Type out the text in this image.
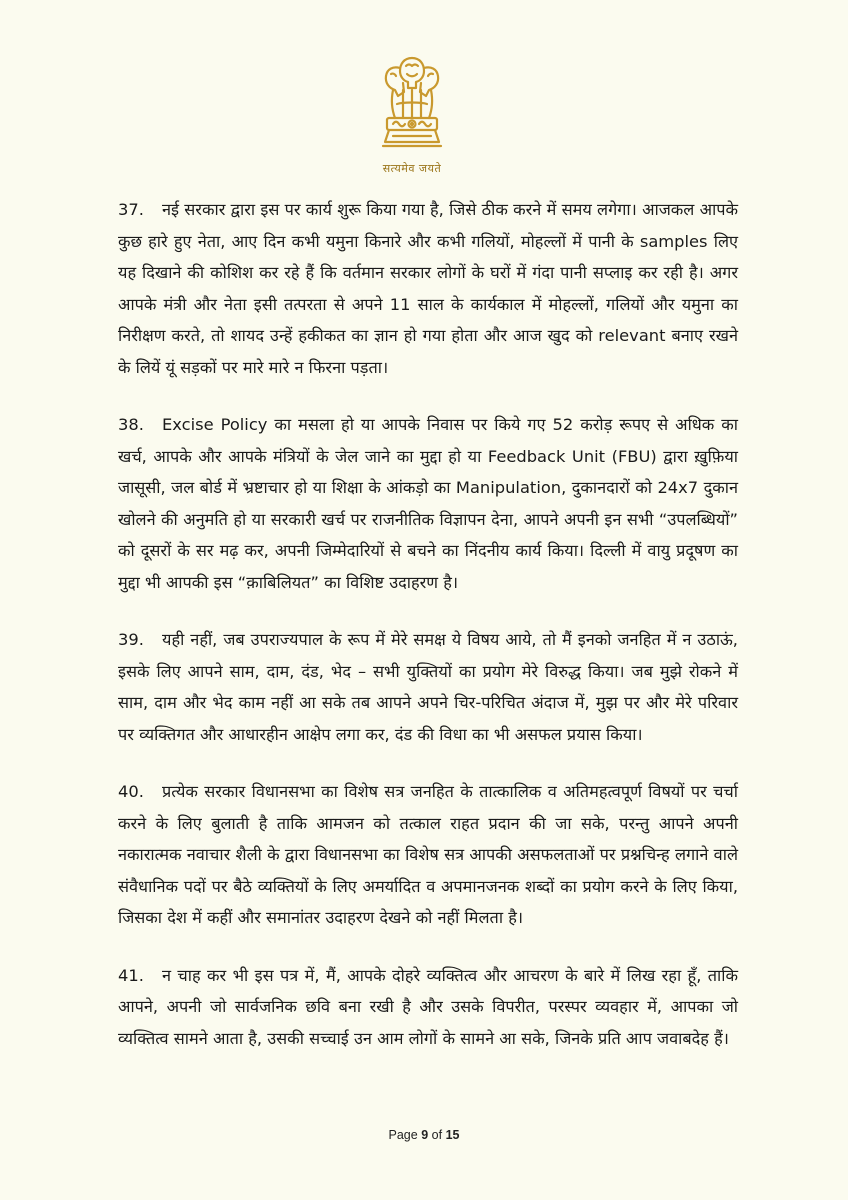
सत्यमेव जयते

37. नई सरकार द्वारा इस पर कार्य शुरू किया गया है, जिसे ठीक करने में समय लगेगा। आजकल आपके कुछ हारे हुए नेता, आए दिन कभी यमुना किनारे और कभी गलियों, मोहल्लों में पानी के samples लिए यह दिखाने की कोशिश कर रहे हैं कि वर्तमान सरकार लोगों के घरों में गंदा पानी सप्लाइ कर रही है। अगर आपके मंत्री और नेता इसी तत्परता से अपने 11 साल के कार्यकाल में मोहल्लों, गलियों और यमुना का निरीक्षण करते, तो शायद उन्हें हकीकत का ज्ञान हो गया होता और आज खुद को relevant बनाए रखने के लियें यूं सड़कों पर मारे मारे न फिरना पड़ता।

38. Excise Policy का मसला हो या आपके निवास पर किये गए 52 करोड़ रूपए से अधिक का खर्च, आपके और आपके मंत्रियों के जेल जाने का मुद्दा हो या Feedback Unit (FBU) द्वारा ख़ुफ़िया जासूसी, जल बोर्ड में भ्रष्टाचार हो या शिक्षा के आंकड़ो का Manipulation, दुकानदारों को 24x7 दुकान खोलने की अनुमति हो या सरकारी खर्च पर राजनीतिक विज्ञापन देना, आपने अपनी इन सभी “उपलब्धियों” को दूसरों के सर मढ़ कर, अपनी जिम्मेदारियों से बचने का निंदनीय कार्य किया। दिल्ली में वायु प्रदूषण का मुद्दा भी आपकी इस “क़ाबिलियत” का विशिष्ट उदाहरण है।

39. यही नहीं, जब उपराज्यपाल के रूप में मेरे समक्ष ये विषय आये, तो मैं इनको जनहित में न उठाऊं, इसके लिए आपने साम, दाम, दंड, भेद – सभी युक्तियों का प्रयोग मेरे विरुद्ध किया। जब मुझे रोकने में साम, दाम और भेद काम नहीं आ सके तब आपने अपने चिर-परिचित अंदाज में, मुझ पर और मेरे परिवार पर व्यक्तिगत और आधारहीन आक्षेप लगा कर, दंड की विधा का भी असफल प्रयास किया।

40. प्रत्येक सरकार विधानसभा का विशेष सत्र जनहित के तात्कालिक व अतिमहत्वपूर्ण विषयों पर चर्चा करने के लिए बुलाती है ताकि आमजन को तत्काल राहत प्रदान की जा सके, परन्तु आपने अपनी नकारात्मक नवाचार शैली के द्वारा विधानसभा का विशेष सत्र आपकी असफलताओं पर प्रश्नचिन्ह लगाने वाले संवैधानिक पदों पर बैठे व्यक्तियों के लिए अमर्यादित व अपमानजनक शब्दों का प्रयोग करने के लिए किया, जिसका देश में कहीं और समानांतर उदाहरण देखने को नहीं मिलता है।

41. न चाह कर भी इस पत्र में, मैं, आपके दोहरे व्यक्तित्व और आचरण के बारे में लिख रहा हूँ, ताकि आपने, अपनी जो सार्वजनिक छवि बना रखी है और उसके विपरीत, परस्पर व्यवहार में, आपका जो व्यक्तित्व सामने आता है, उसकी सच्चाई उन आम लोगों के सामने आ सके, जिनके प्रति आप जवाबदेह हैं।

Page 9 of 15
